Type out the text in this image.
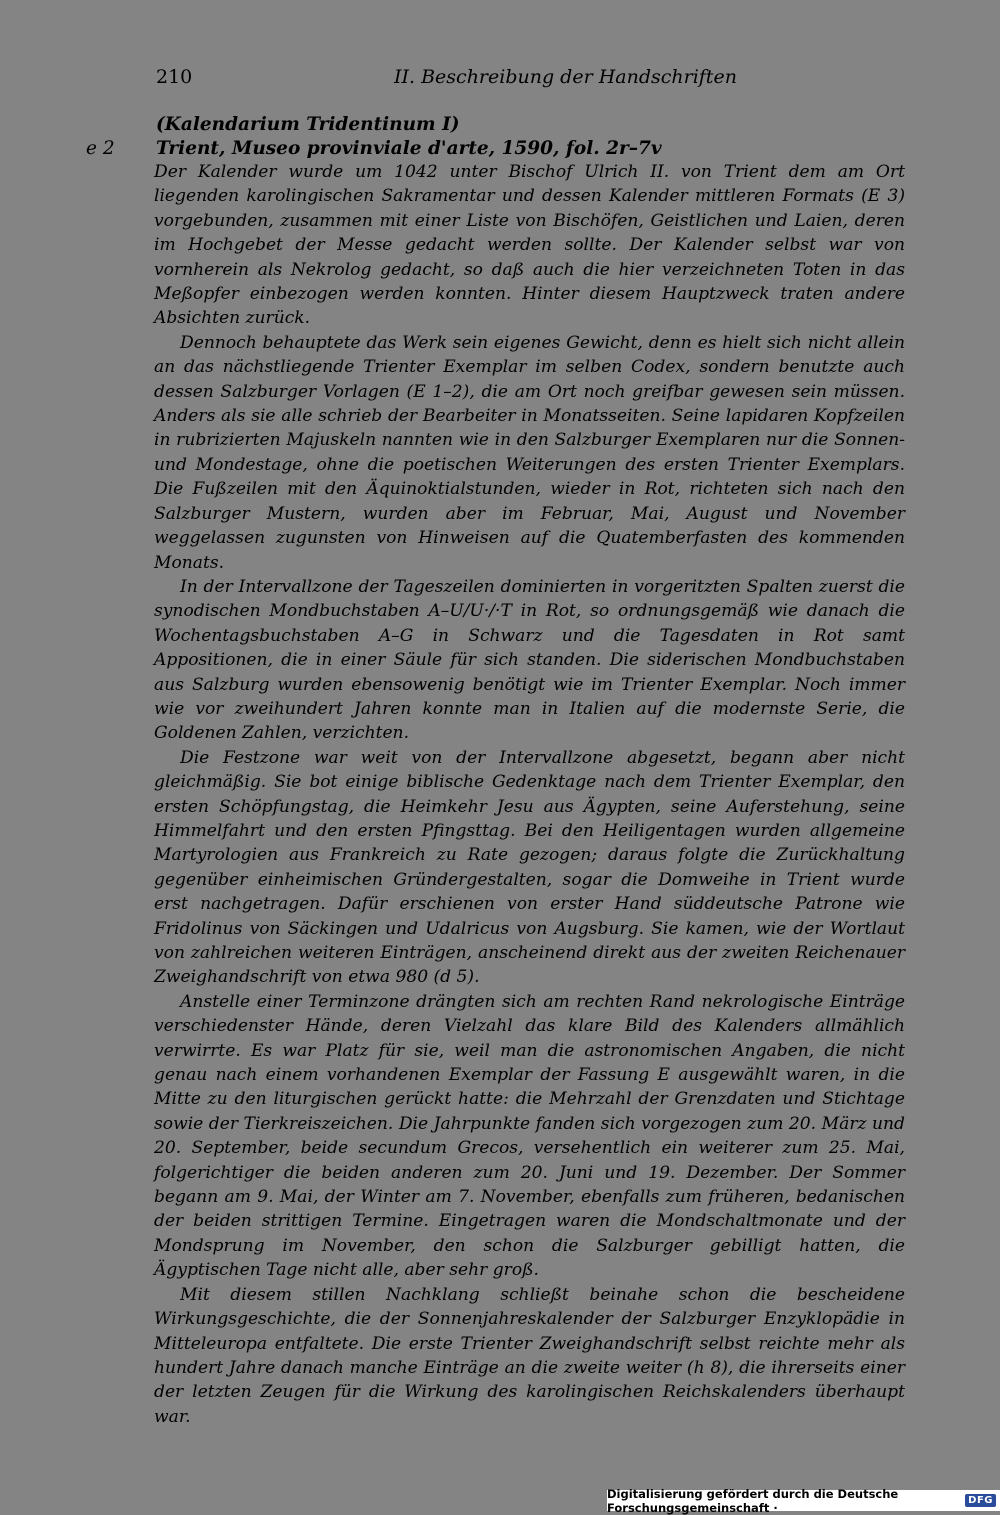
210	II. Beschreibung der Handschriften
(Kalendarium Tridentinum I)
e 2 Trient, Museo provinviale d'arte, 1590, fol. 2r–7v

Der Kalender wurde um 1042 unter Bischof Ulrich II. von Trient dem am Ort liegenden karolingischen Sakramentar und dessen Kalender mittleren Formats (E 3) vorgebunden, zusammen mit einer Liste von Bischöfen, Geistlichen und Laien, deren im Hochgebet der Messe gedacht werden sollte. Der Kalender selbst war von vornherein als Nekrolog gedacht, so daß auch die hier verzeichneten Toten in das Meßopfer einbezogen werden konnten. Hinter diesem Hauptzweck traten andere Absichten zurück.

Dennoch behauptete das Werk sein eigenes Gewicht, denn es hielt sich nicht allein an das nächstliegende Trienter Exemplar im selben Codex, sondern benutzte auch dessen Salzburger Vorlagen (E 1–2), die am Ort noch greifbar gewesen sein müssen. Anders als sie alle schrieb der Bearbeiter in Monatsseiten. Seine lapidaren Kopfzeilen in rubrizierten Majuskeln nannten wie in den Salzburger Exemplaren nur die Sonnen- und Mondestage, ohne die poetischen Weiterungen des ersten Trienter Exemplars. Die Fußzeilen mit den Äquinoktialstunden, wieder in Rot, richteten sich nach den Salzburger Mustern, wurden aber im Februar, Mai, August und November weggelassen zugunsten von Hinweisen auf die Quatemberfasten des kommenden Monats.

In der Intervallzone der Tageszeilen dominierten in vorgeritzten Spalten zuerst die synodischen Mondbuchstaben A–U/U·/·T in Rot, so ordnungsgemäß wie danach die Wochentagsbuchstaben A–G in Schwarz und die Tagesdaten in Rot samt Appositionen, die in einer Säule für sich standen. Die siderischen Mondbuchstaben aus Salzburg wurden ebensowenig benötigt wie im Trienter Exemplar. Noch immer wie vor zweihundert Jahren konnte man in Italien auf die modernste Serie, die Goldenen Zahlen, verzichten.

Die Festzone war weit von der Intervallzone abgesetzt, begann aber nicht gleichmäßig. Sie bot einige biblische Gedenktage nach dem Trienter Exemplar, den ersten Schöpfungstag, die Heimkehr Jesu aus Ägypten, seine Auferstehung, seine Himmelfahrt und den ersten Pfingsttag. Bei den Heiligentagen wurden allgemeine Martyrologien aus Frankreich zu Rate gezogen; daraus folgte die Zurückhaltung gegenüber einheimischen Gründergestalten, sogar die Domweihe in Trient wurde erst nachgetragen. Dafür erschienen von erster Hand süddeutsche Patrone wie Fridolinus von Säckingen und Udalricus von Augsburg. Sie kamen, wie der Wortlaut von zahlreichen weiteren Einträgen, anscheinend direkt aus der zweiten Reichenauer Zweighandschrift von etwa 980 (d 5).

Anstelle einer Terminzone drängten sich am rechten Rand nekrologische Einträge verschiedenster Hände, deren Vielzahl das klare Bild des Kalenders allmählich verwirrte. Es war Platz für sie, weil man die astronomischen Angaben, die nicht genau nach einem vorhandenen Exemplar der Fassung E ausgewählt waren, in die Mitte zu den liturgischen gerückt hatte: die Mehrzahl der Grenzdaten und Stichtage sowie der Tierkreiszeichen. Die Jahrpunkte fanden sich vorgezogen zum 20. März und 20. September, beide secundum Grecos, versehentlich ein weiterer zum 25. Mai, folgerichtiger die beiden anderen zum 20. Juni und 19. Dezember. Der Sommer begann am 9. Mai, der Winter am 7. November, ebenfalls zum früheren, bedanischen der beiden strittigen Termine. Eingetragen waren die Mondschaltmonate und der Mondsprung im November, den schon die Salzburger gebilligt hatten, die Ägyptischen Tage nicht alle, aber sehr groß.

Mit diesem stillen Nachklang schließt beinahe schon die bescheidene Wirkungsgeschichte, die der Sonnenjahreskalender der Salzburger Enzyklopädie in Mitteleuropa entfaltete. Die erste Trienter Zweighandschrift selbst reichte mehr als hundert Jahre danach manche Einträge an die zweite weiter (h 8), die ihrerseits einer der letzten Zeugen für die Wirkung des karolingischen Reichskalenders überhaupt war.

Digitalisierung gefördert durch die Deutsche Forschungsgemeinschaft ·	DFG
